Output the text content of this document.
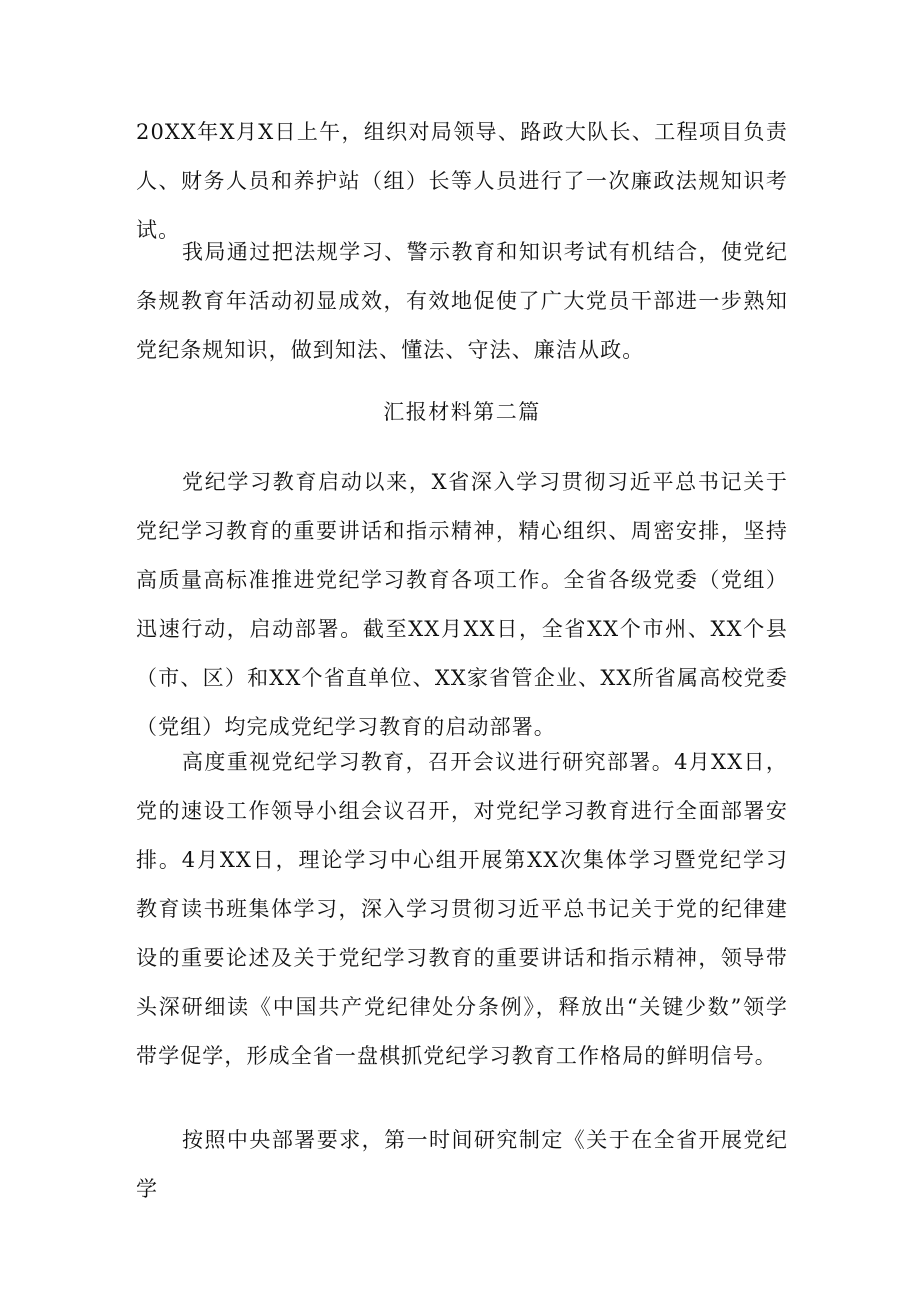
20XX年X月X日上午，组织对局领导、路政大队长、工程项目负责人、财务人员和养护站（组）长等人员进行了一次廉政法规知识考试。

我局通过把法规学习、警示教育和知识考试有机结合，使党纪条规教育年活动初显成效，有效地促使了广大党员干部进一步熟知党纪条规知识，做到知法、懂法、守法、廉洁从政。

汇报材料第二篇

党纪学习教育启动以来，X省深入学习贯彻习近平总书记关于党纪学习教育的重要讲话和指示精神，精心组织、周密安排，坚持高质量高标准推进党纪学习教育各项工作。全省各级党委（党组）迅速行动，启动部署。截至XX月XX日，全省XX个市州、XX个县（市、区）和XX个省直单位、XX家省管企业、XX所省属高校党委（党组）均完成党纪学习教育的启动部署。

高度重视党纪学习教育，召开会议进行研究部署。4月XX日，党的速设工作领导小组会议召开，对党纪学习教育进行全面部署安排。4月XX日，理论学习中心组开展第XX次集体学习暨党纪学习教育读书班集体学习，深入学习贯彻习近平总书记关于党的纪律建设的重要论述及关于党纪学习教育的重要讲话和指示精神，领导带头深研细读《中国共产党纪律处分条例》，释放出“关键少数”领学带学促学，形成全省一盘棋抓党纪学习教育工作格局的鲜明信号。

按照中央部署要求，第一时间研究制定《关于在全省开展党纪学
